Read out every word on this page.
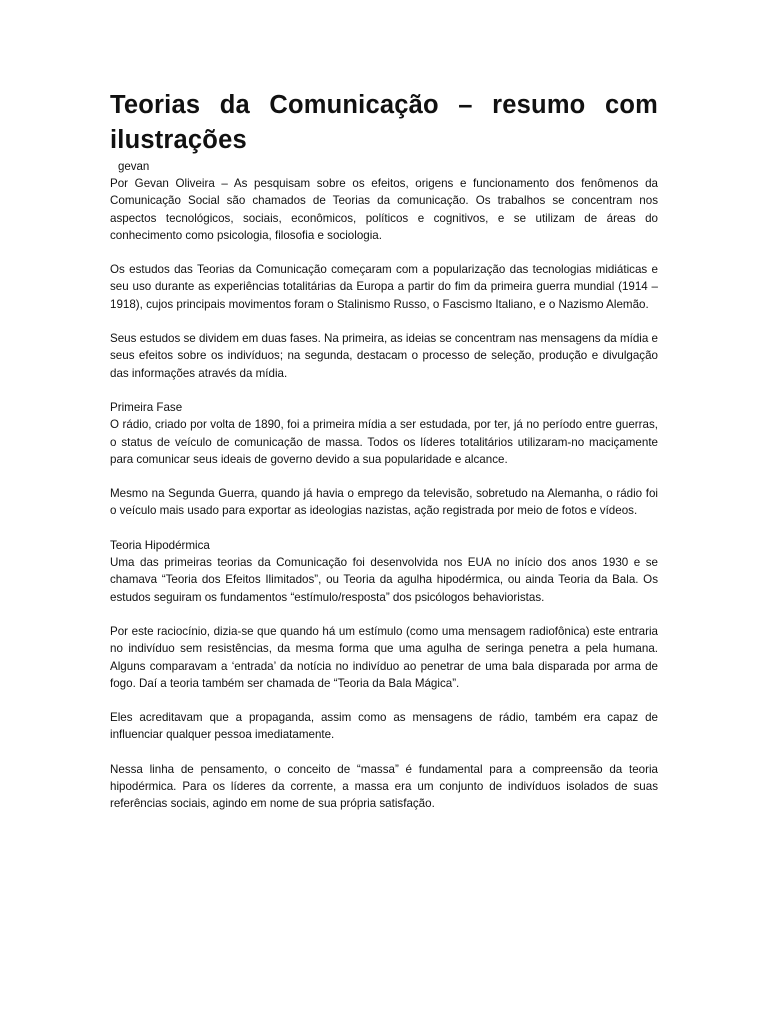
Teorias da Comunicação – resumo com ilustrações
gevan

Por Gevan Oliveira – As pesquisam sobre os efeitos, origens e funcionamento dos fenômenos da Comunicação Social são chamados de Teorias da comunicação. Os trabalhos se concentram nos aspectos tecnológicos, sociais, econômicos, políticos e cognitivos, e se utilizam de áreas do conhecimento como psicologia, filosofia e sociologia.

Os estudos das Teorias da Comunicação começaram com a popularização das tecnologias midiáticas e seu uso durante as experiências totalitárias da Europa a partir do fim da primeira guerra mundial (1914 – 1918), cujos principais movimentos foram o Stalinismo Russo, o Fascismo Italiano, e o Nazismo Alemão.

Seus estudos se dividem em duas fases. Na primeira, as ideias se concentram nas mensagens da mídia e seus efeitos sobre os indivíduos; na segunda, destacam o processo de seleção, produção e divulgação das informações através da mídia.

Primeira Fase

O rádio, criado por volta de 1890, foi a primeira mídia a ser estudada, por ter, já no período entre guerras, o status de veículo de comunicação de massa. Todos os líderes totalitários utilizaram-no maciçamente para comunicar seus ideais de governo devido a sua popularidade e alcance.

Mesmo na Segunda Guerra, quando já havia o emprego da televisão, sobretudo na Alemanha, o rádio foi o veículo mais usado para exportar as ideologias nazistas, ação registrada por meio de fotos e vídeos.

Teoria Hipodérmica

Uma das primeiras teorias da Comunicação foi desenvolvida nos EUA no início dos anos 1930 e se chamava “Teoria dos Efeitos Ilimitados”, ou Teoria da agulha hipodérmica, ou ainda Teoria da Bala. Os estudos seguiram os fundamentos “estímulo/resposta” dos psicólogos behavioristas.

Por este raciocínio, dizia-se que quando há um estímulo (como uma mensagem radiofônica) este entraria no indivíduo sem resistências, da mesma forma que uma agulha de seringa penetra a pela humana. Alguns comparavam a ‘entrada’ da notícia no indivíduo ao penetrar de uma bala disparada por arma de fogo. Daí a teoria também ser chamada de “Teoria da Bala Mágica”.

Eles acreditavam que a propaganda, assim como as mensagens de rádio, também era capaz de influenciar qualquer pessoa imediatamente.

Nessa linha de pensamento, o conceito de “massa” é fundamental para a compreensão da teoria hipodérmica. Para os líderes da corrente, a massa era um conjunto de indivíduos isolados de suas referências sociais, agindo em nome de sua própria satisfação.
